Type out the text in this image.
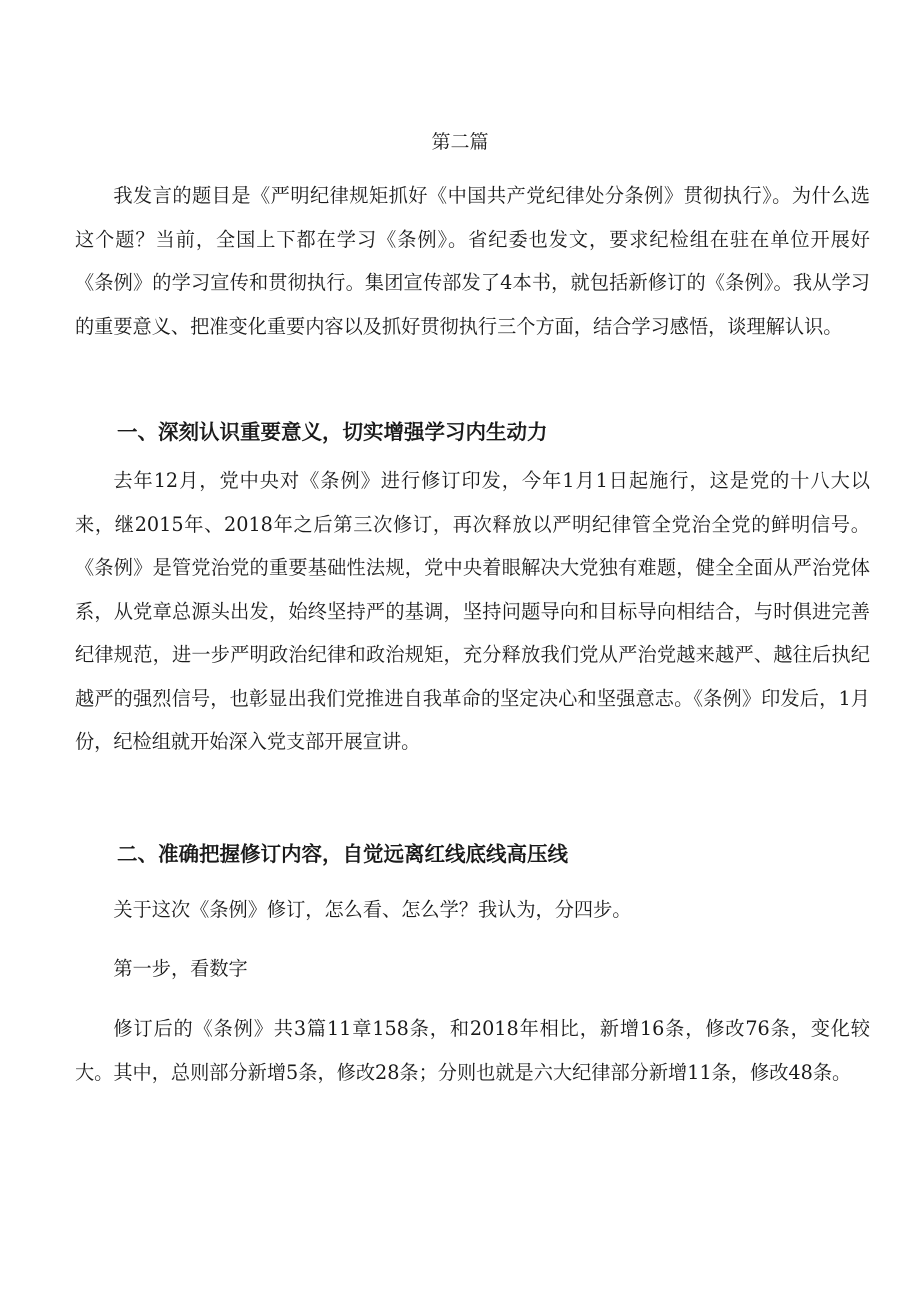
第二篇

我发言的题目是《严明纪律规矩抓好《中国共产党纪律处分条例》贯彻执行》。为什么选这个题？当前，全国上下都在学习《条例》。省纪委也发文，要求纪检组在驻在单位开展好《条例》的学习宣传和贯彻执行。集团宣传部发了4本书，就包括新修订的《条例》。我从学习的重要意义、把准变化重要内容以及抓好贯彻执行三个方面，结合学习感悟，谈理解认识。

一、深刻认识重要意义，切实增强学习内生动力

去年12月，党中央对《条例》进行修订印发，今年1月1日起施行，这是党的十八大以来，继2015年、2018年之后第三次修订，再次释放以严明纪律管全党治全党的鲜明信号。《条例》是管党治党的重要基础性法规，党中央着眼解决大党独有难题，健全全面从严治党体系，从党章总源头出发，始终坚持严的基调，坚持问题导向和目标导向相结合，与时俱进完善纪律规范，进一步严明政治纪律和政治规矩，充分释放我们党从严治党越来越严、越往后执纪越严的强烈信号，也彰显出我们党推进自我革命的坚定决心和坚强意志。《条例》印发后，1月份，纪检组就开始深入党支部开展宣讲。

二、准确把握修订内容，自觉远离红线底线高压线

关于这次《条例》修订，怎么看、怎么学？我认为，分四步。

第一步，看数字

修订后的《条例》共3篇11章158条，和2018年相比，新增16条，修改76条，变化较大。其中，总则部分新增5条，修改28条；分则也就是六大纪律部分新增11条，修改48条。
